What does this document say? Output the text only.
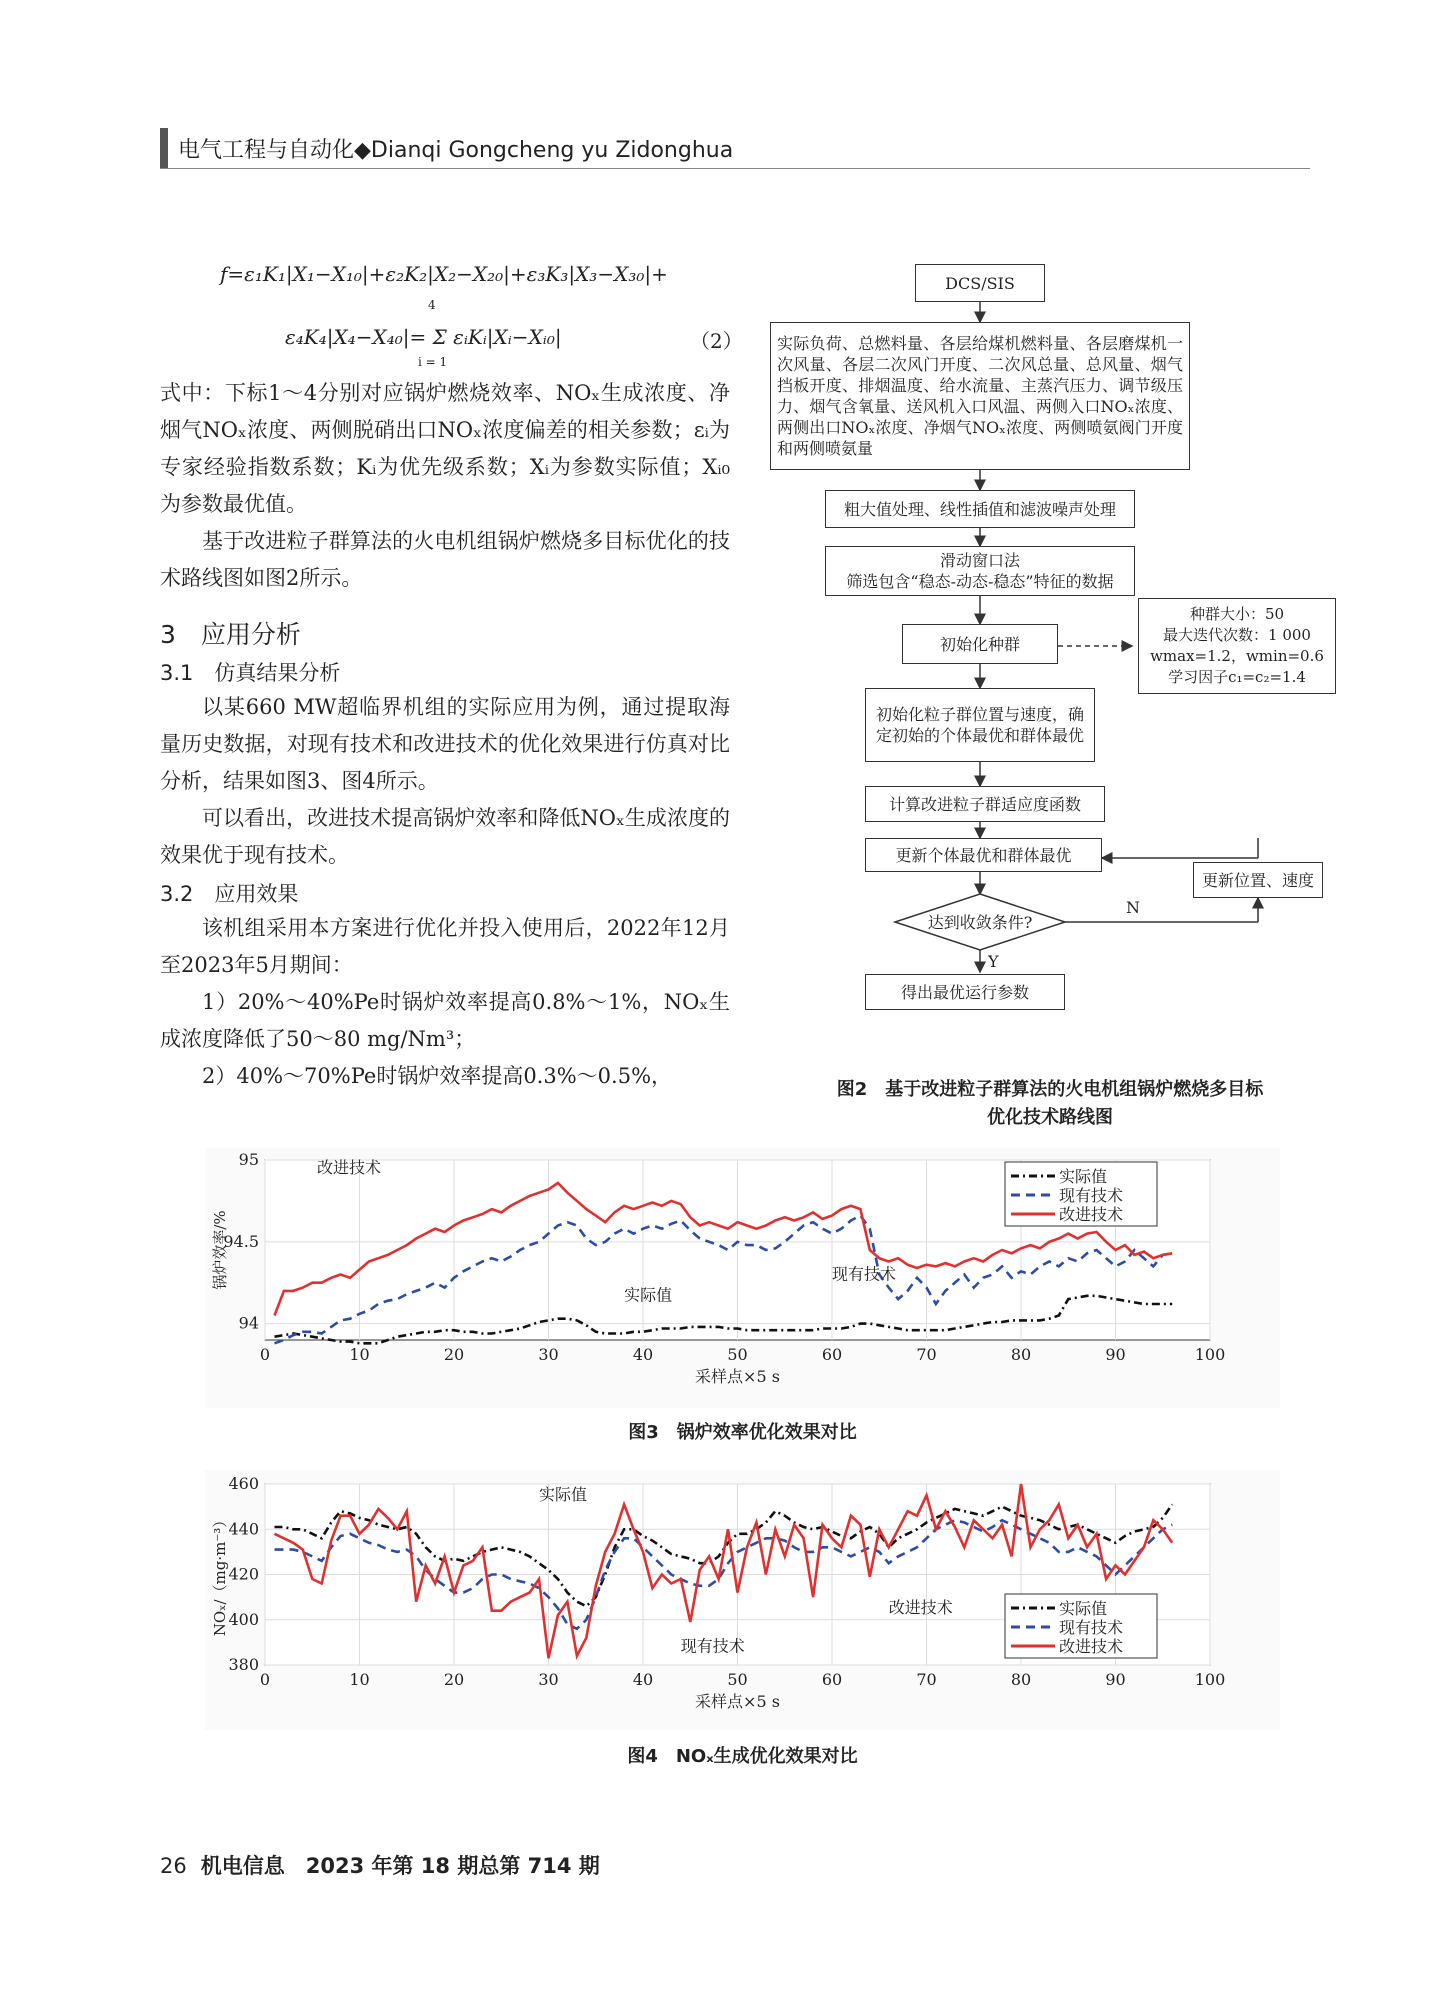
电气工程与自动化◆Dianqi Gongcheng yu Zidonghua
f=ε₁K₁|X₁−X₁₀|+ε₂K₂|X₂−X₂₀|+ε₃K₃|X₃−X₃₀|+
ε₄K₄|X₄−X₄₀|= Σ εᵢKᵢ|Xᵢ−Xᵢ₀|
4
i = 1
（2）

式中：下标1～4分别对应锅炉燃烧效率、NOₓ生成浓度、净烟气NOₓ浓度、两侧脱硝出口NOₓ浓度偏差的相关参数；εᵢ为专家经验指数系数；Kᵢ为优先级系数；Xᵢ为参数实际值；Xᵢ₀为参数最优值。

基于改进粒子群算法的火电机组锅炉燃烧多目标优化的技术路线图如图2所示。

3　应用分析
3.1　仿真结果分析

以某660 MW超临界机组的实际应用为例，通过提取海量历史数据，对现有技术和改进技术的优化效果进行仿真对比分析，结果如图3、图4所示。

可以看出，改进技术提高锅炉效率和降低NOₓ生成浓度的效果优于现有技术。

3.2　应用效果

该机组采用本方案进行优化并投入使用后，2022年12月至2023年5月期间：

1）20%～40%Pe时锅炉效率提高0.8%～1%，NOₓ生成浓度降低了50～80 mg/Nm³；

2）40%～70%Pe时锅炉效率提高0.3%～0.5%，

DCS/SIS
实际负荷、总燃料量、各层给煤机燃料量、各层磨煤机一次风量、各层二次风门开度、二次风总量、总风量、烟气挡板开度、排烟温度、给水流量、主蒸汽压力、调节级压力、烟气含氧量、送风机入口风温、两侧入口NOₓ浓度、两侧出口NOₓ浓度、净烟气NOₓ浓度、两侧喷氨阀门开度和两侧喷氨量
粗大值处理、线性插值和滤波噪声处理
滑动窗口法
筛选包含“稳态-动态-稳态”特征的数据
初始化种群
种群大小：50
最大迭代次数：1 000
wmax=1.2，wmin=0.6
学习因子c₁=c₂=1.4
初始化粒子群位置与速度，确定初始的个体最优和群体最优
计算改进粒子群适应度函数
更新个体最优和群体最优
更新位置、速度
达到收敛条件?
N
Y
得出最优运行参数
图2　基于改进粒子群算法的火电机组锅炉燃烧多目标
优化技术路线图
0	10	20	30	40	50	60	70	80	90	100
94
94.5
95
采样点×5 s
锅炉效率/%
实际值
现有技术
改进技术
改进技术
实际值
现有技术
图3　锅炉效率优化效果对比
0	10	20	30	40	50	60	70	80	90	100
380
400
420
440
460
采样点×5 s
NOₓ/（mg·m⁻³）	实际值
现有技术
改进技术
实际值
现有技术
改进技术
图4　NOₓ生成优化效果对比
26 机电信息　2023 年第 18 期总第 714 期
